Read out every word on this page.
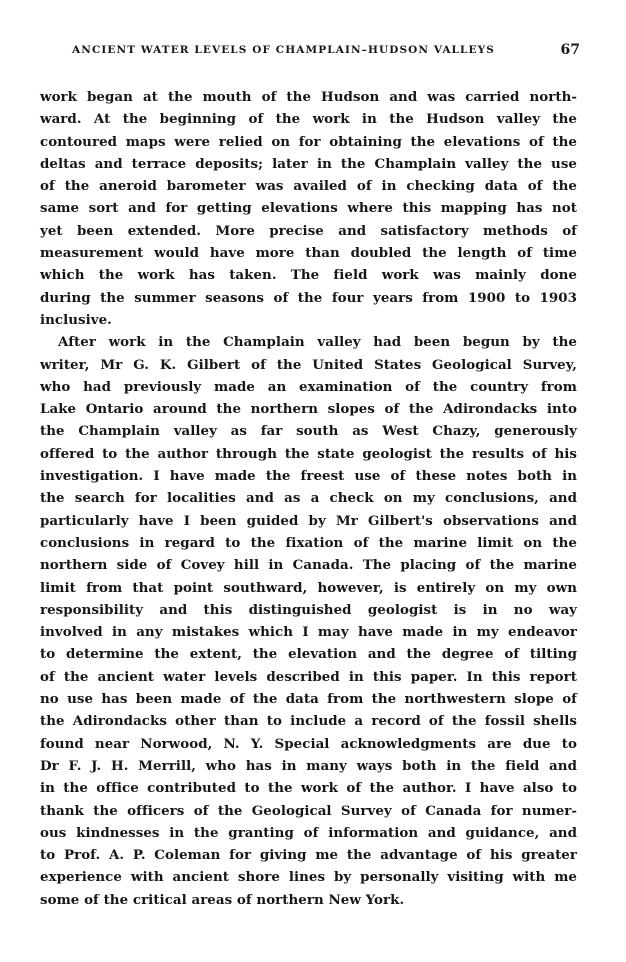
ANCIENT WATER LEVELS OF CHAMPLAIN–HUDSON VALLEYS	67

work began at the mouth of the Hudson and was carried north-
ward. At the beginning of the work in the Hudson valley the
contoured maps were relied on for obtaining the elevations of the
deltas and terrace deposits; later in the Champlain valley the use
of the aneroid barometer was availed of in checking data of the
same sort and for getting elevations where this mapping has not
yet been extended. More precise and satisfactory methods of
measurement would have more than doubled the length of time
which the work has taken. The field work was mainly done
during the summer seasons of the four years from 1900 to 1903
inclusive.

After work in the Champlain valley had been begun by the
writer, Mr G. K. Gilbert of the United States Geological Survey,
who had previously made an examination of the country from
Lake Ontario around the northern slopes of the Adirondacks into
the Champlain valley as far south as West Chazy, generously
offered to the author through the state geologist the results of his
investigation. I have made the freest use of these notes both in
the search for localities and as a check on my conclusions, and
particularly have I been guided by Mr Gilbert's observations and
conclusions in regard to the fixation of the marine limit on the
northern side of Covey hill in Canada. The placing of the marine
limit from that point southward, however, is entirely on my own
responsibility and this distinguished geologist is in no way
involved in any mistakes which I may have made in my endeavor
to determine the extent, the elevation and the degree of tilting
of the ancient water levels described in this paper. In this report
no use has been made of the data from the northwestern slope of
the Adirondacks other than to include a record of the fossil shells
found near Norwood, N. Y. Special acknowledgments are due to
Dr F. J. H. Merrill, who has in many ways both in the field and
in the office contributed to the work of the author. I have also to
thank the officers of the Geological Survey of Canada for numer-
ous kindnesses in the granting of information and guidance, and
to Prof. A. P. Coleman for giving me the advantage of his greater
experience with ancient shore lines by personally visiting with me
some of the critical areas of northern New York.
